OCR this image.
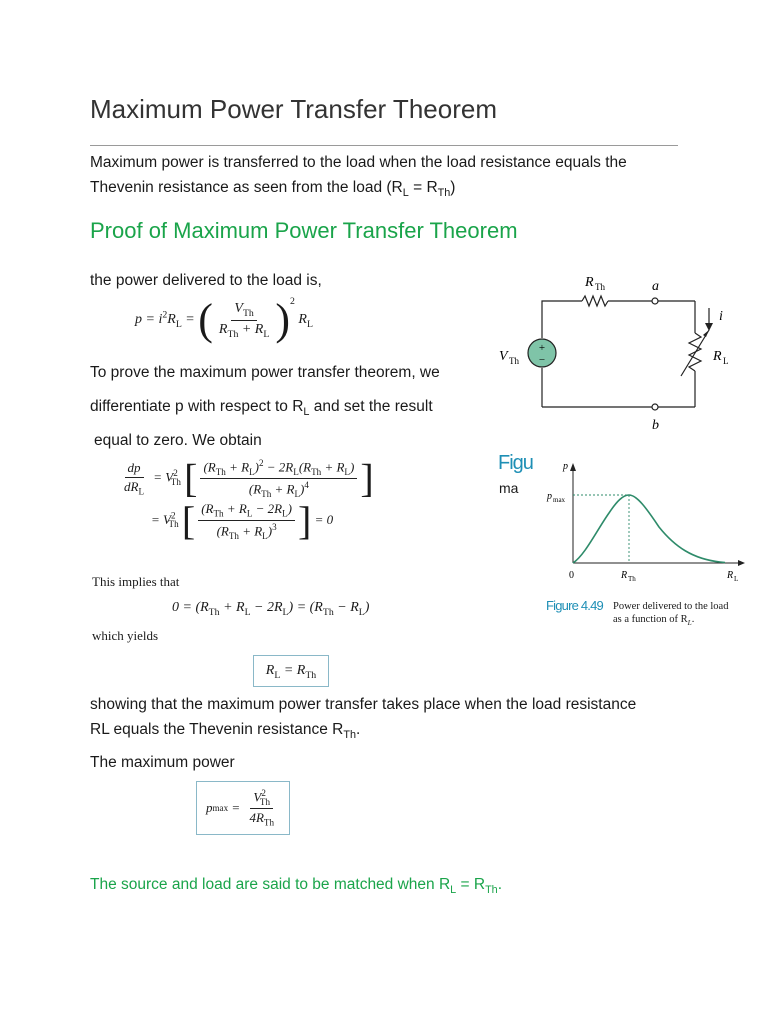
Maximum Power Transfer Theorem
Maximum power is transferred to the load when the load resistance equals the
Thevenin resistance as seen from the load $(R_L = R_{Th})$
Proof of Maximum Power Transfer Theorem
the power delivered to the load is,
$p = i^2R_L$ = ( $\frac{V_{Th}}{R_{Th} + R_L} )^2$ $R_L$
To prove the maximum power transfer theorem, we
differentiate p with respect to $R_L$ and set the result
equal to zero. We obtain
$\frac{dp}{dR_L} = V^2_{Th}$ [ $\frac{(R_{Th} + R_L)^2 - 2R_L(R_{Th} + R_L)}{(R_{Th} + R_L)^4}$ ]
= $V^2_{Th}$ [ $\frac{(R_{Th} + R_L - 2R_L)}{(R_{Th} + R_L)^3}$ ] = 0
This implies that
$0 = (R_{Th} + R_L - 2R_L) = (R_{Th} - R_L)$
which yields
$R_L = R_{Th}$
showing that the maximum power transfer takes place when the load resistance
RL equals the Thevenin resistance $R_{Th}$.
The maximum power
p $\max = \frac{V^2_{Th}}{4R_{Th}}$
The source and load are said to be matched when $R_L = R_{Th}$.
+
−
R Th	a
b
i
V Th	R L
Figu
ma
p
p max
0	R Th	R L
Figure 4.49 Power delivered to the load
as a function of $R_L$.
